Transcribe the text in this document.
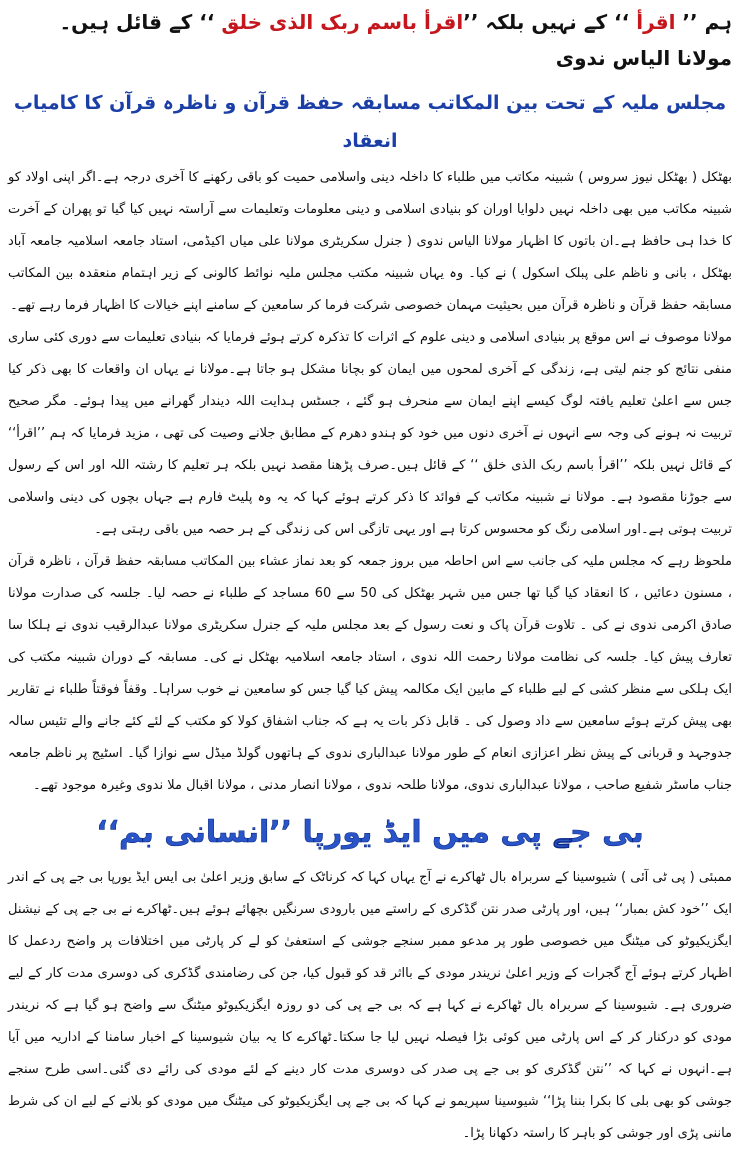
ہم ’’ اقرأ ‘‘ کے نہیں بلکہ ’’اقرأ باسم ربک الذی خلق ‘‘ کے قائل ہیں۔مولانا الیاس ندوی
مجلس ملیہ کے تحت بین المکاتب مسابقہ حفظ قرآن و ناظرہ قرآن کا کامیاب انعقاد

بھٹکل ( بھٹکل نیوز سروس ) شبینہ مکاتب میں طلباء کا داخلہ دینی واسلامی حمیت کو باقی رکھنے کا آخری درجہ ہے۔اگر اپنی اولاد کو شبینہ مکاتب میں بھی داخلہ نہیں دلوایا اوران کو بنیادی اسلامی و دینی معلومات وتعلیمات سے آراستہ نہیں کیا گیا تو پھران کے آخرت کا خدا ہی حافظ ہے۔ان باتوں کا اظہار مولانا الیاس ندوی ( جنرل سکریٹری مولانا علی میاں اکیڈمی، استاد جامعہ اسلامیہ جامعہ آباد بھٹکل ، بانی و ناظم علی پبلک اسکول ) نے کیا۔ وہ یہاں شبینہ مکتب مجلس ملیہ نوائط کالونی کے زیر اہتمام منعقدہ بین المکاتب مسابقہ حفظ قرآن و ناظرہ قرآن میں بحیثیت مہمان خصوصی شرکت فرما کر سامعین کے سامنے اپنے خیالات کا اظہار فرما رہے تھے۔

مولانا موصوف نے اس موقع پر بنیادی اسلامی و دینی علوم کے اثرات کا تذکرہ کرتے ہوئے فرمایا کہ بنیادی تعلیمات سے دوری کئی ساری منفی نتائج کو جنم لیتی ہے، زندگی کے آخری لمحوں میں ایمان کو بچانا مشکل ہو جاتا ہے۔مولانا نے یہاں ان واقعات کا بھی ذکر کیا جس سے اعلیٰ تعلیم یافتہ لوگ کیسے اپنے ایمان سے منحرف ہو گئے ، جسٹس ہدایت اللہ دیندار گھرانے میں پیدا ہوئے۔ مگر صحیح تربیت نہ ہونے کی وجہ سے انہوں نے آخری دنوں میں خود کو ہندو دھرم کے مطابق جلانے وصیت کی تھی ، مزید فرمایا کہ ہم ’’اقرأ‘‘ کے قائل نہیں بلکہ ’’اقرأ باسم ربک الذی خلق ‘‘ کے قائل ہیں۔صرف پڑھنا مقصد نہیں بلکہ ہر تعلیم کا رشتہ اللہ اور اس کے رسول سے جوڑنا مقصود ہے۔ مولانا نے شبینہ مکاتب کے فوائد کا ذکر کرتے ہوئے کہا کہ یہ وہ پلیٹ فارم ہے جہاں بچوں کی دینی واسلامی تربیت ہوتی ہے۔اور اسلامی رنگ کو محسوس کرتا ہے اور یہی تازگی اس کی زندگی کے ہر حصہ میں باقی رہتی ہے۔

ملحوظ رہے کہ مجلس ملیہ کی جانب سے اس احاطہ میں بروز جمعہ کو بعد نماز عشاء بین المکاتب مسابقہ حفظ قرآن ، ناظرہ قرآن ، مسنون دعائیں ، کا انعقاد کیا گیا تھا جس میں شہر بھٹکل کی 50 سے 60 مساجد کے طلباء نے حصہ لیا۔ جلسہ کی صدارت مولانا صادق اکرمی ندوی نے کی ۔ تلاوت قرآن پاک و نعت رسول کے بعد مجلس ملیہ کے جنرل سکریٹری مولانا عبدالرقیب ندوی نے ہلکا سا تعارف پیش کیا۔ جلسہ کی نظامت مولانا رحمت اللہ ندوی ، استاد جامعہ اسلامیہ بھٹکل نے کی۔ مسابقہ کے دوران شبینہ مکتب کی ایک ہلکی سے منظر کشی کے لیے طلباء کے مابین ایک مکالمہ پیش کیا گیا جس کو سامعین نے خوب سراہا۔ وقفاً فوقتاً طلباء نے تقاریر بھی پیش کرتے ہوئے سامعین سے داد وصول کی ۔ قابل ذکر بات یہ ہے کہ جناب اشفاق کولا کو مکتب کے لئے کئے جانے والے تئیس سالہ جدوجہد و قربانی کے پیش نظر اعزازی انعام کے طور مولانا عبدالباری ندوی کے ہاتھوں گولڈ میڈل سے نوازا گیا۔ اسٹیج پر ناظم جامعہ جناب ماسٹر شفیع صاحب ، مولانا عبدالباری ندوی، مولانا طلحہ ندوی ، مولانا انصار مدنی ، مولانا اقبال ملا ندوی وغیرہ موجود تھے۔

بی جے پی میں ایڈ یورپا ’’انسانی بم‘‘

ممبئی ( پی ٹی آئی ) شیوسینا کے سربراہ بال ٹھاکرے نے آج یہاں کہا کہ کرناٹک کے سابق وزیر اعلیٰ بی ایس ایڈ یورپا بی جے پی کے اندر ایک ’’خود کش بمبار‘‘ ہیں، اور پارٹی صدر نتن گڈکری کے راستے میں بارودی سرنگیں بچھائے ہوئے ہیں۔ٹھاکرے نے بی جے پی کے نیشنل ایگزیکیوٹو کی میٹنگ میں خصوصی طور پر مدعو ممبر سنجے جوشی کے استعفیٰ کو لے کر پارٹی میں اختلافات پر واضح ردعمل کا اظہار کرتے ہوئے آج گجرات کے وزیر اعلیٰ نریندر مودی کے بااثر قد کو قبول کیا، جن کی رضامندی گڈکری کی دوسری مدت کار کے لیے ضروری ہے۔ شیوسینا کے سربراہ بال ٹھاکرے نے کہا ہے کہ بی جے پی کی دو روزہ ایگزیکیوٹو میٹنگ سے واضح ہو گیا ہے کہ نریندر مودی کو درکنار کر کے اس پارٹی میں کوئی بڑا فیصلہ نہیں لیا جا سکتا۔ٹھاکرے کا یہ بیان شیوسینا کے اخبار سامنا کے اداریہ میں آیا ہے۔انہوں نے کہا کہ ’’نتن گڈکری کو بی جے پی صدر کی دوسری مدت کار دینے کے لئے مودی کی رائے دی گئی۔اسی طرح سنجے جوشی کو بھی بلی کا بکرا بننا پڑا‘‘ شیوسینا سپریمو نے کہا کہ بی جے پی ایگزیکیوٹو کی میٹنگ میں مودی کو بلانے کے لیے ان کی شرط ماننی پڑی اور جوشی کو باہر کا راستہ دکھانا پڑا۔
